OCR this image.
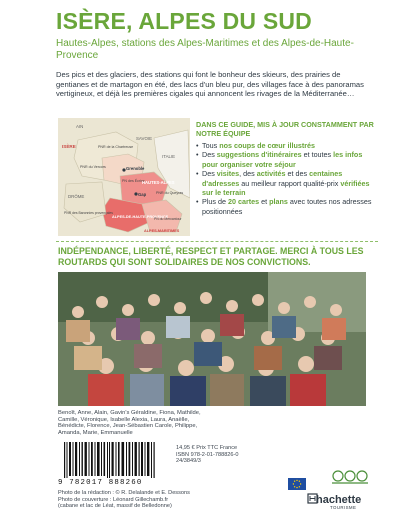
ISÈRE, ALPES DU SUD
Hautes-Alpes, stations des Alpes-Maritimes et des Alpes-de-Haute-Provence
Des pics et des glaciers, des stations qui font le bonheur des skieurs, des prairies de gentianes et de martagon en été, des lacs d'un bleu pur, des villages face à des panoramas vertigineux, et déjà les premières cigales qui annoncent les rivages de la Méditerranée…
AIN
SAVOIE
ITALIE
ISÈRE	PNR de la Chartreuse
PNR du Vercors	Grenoble
PN des Écrins
HAUTES-ALPES
PNR du Queyras
Gap
DRÔME
PNR des Baronnies provençales
ALPES-DE-HAUTE-PROVENCE
PN du Mercantour
ALPES-MARITIMES
DANS CE GUIDE, MIS À JOUR CONSTAMMENT PAR NOTRE ÉQUIPE
• Tous nos coups de cœur illustrés
• Des suggestions d'itinéraires et toutes les infos pour organiser votre séjour
• Des visites, des activités et des centaines d'adresses au meilleur rapport qualité-prix vérifiées sur le terrain
• Plus de 20 cartes et plans avec toutes nos adresses positionnées
INDÉPENDANCE, LIBERTÉ, RESPECT ET PARTAGE. MERCI À TOUS LES ROUTARDS QUI SONT SOLIDAIRES DE NOS CONVICTIONS.
Benoît, Anne, Alain, Gavin's Géraldine, Fiona, Mathilde, Camille, Véronique, Isabelle Alexia, Laura, Anaëlle, Bénédicte, Florence, Jean-Sébastien Carole, Philippe, Amanda, Marie, Emmanuelle
9 782017 888260
14,95 € Prix TTC France
ISBN 978-2-01-788826-0
24/3849/3
Photo de la rédaction : © R. Delalande et E. Dessons
Photo de couverture : Léonard Gillechamb.fr
(cabane et lac de Léat, massif de Belledonne)
hachette
TOURISME
